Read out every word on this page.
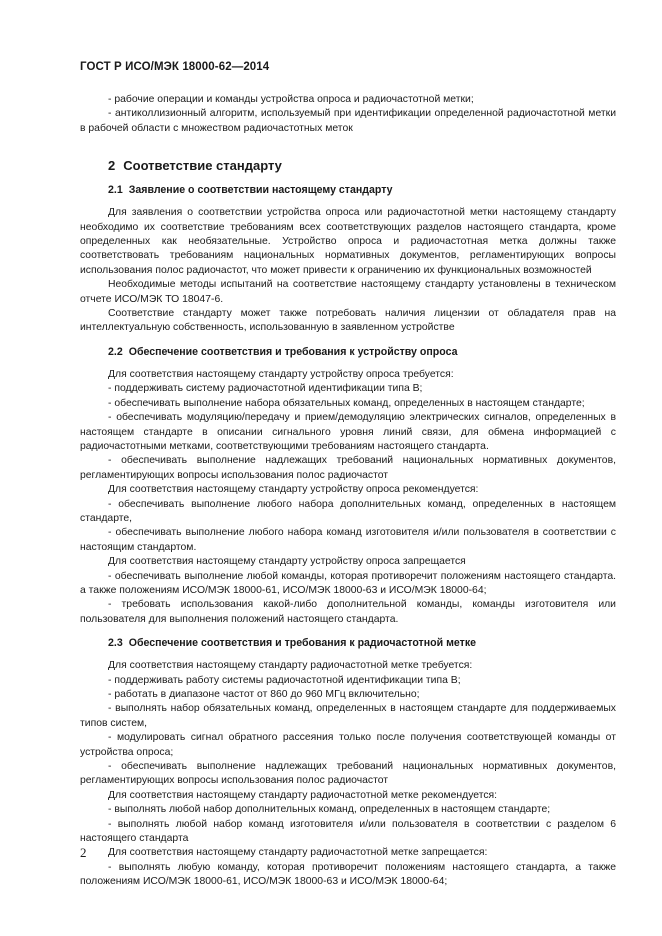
ГОСТ Р ИСО/МЭК 18000-62—2014

- рабочие операции и команды устройства опроса и радиочастотной метки;

- антиколлизионный алгоритм, используемый при идентификации определенной радиочастотной метки в рабочей области с множеством радиочастотных меток

2 Соответствие стандарту
2.1 Заявление о соответствии настоящему стандарту

Для заявления о соответствии устройства опроса или радиочастотной метки настоящему стандарту необходимо их соответствие требованиям всех соответствующих разделов настоящего стандарта, кроме определенных как необязательные. Устройство опроса и радиочастотная метка должны также соответствовать требованиям национальных нормативных документов, регламентирующих вопросы использования полос радиочастот, что может привести к ограничению их функциональных возможностей

Необходимые методы испытаний на соответствие настоящему стандарту установлены в техническом отчете ИСО/МЭК ТО 18047-6.

Соответствие стандарту может также потребовать наличия лицензии от обладателя прав на интеллектуальную собственность, использованную в заявленном устройстве

2.2 Обеспечение соответствия и требования к устройству опроса

Для соответствия настоящему стандарту устройству опроса требуется:

- поддерживать систему радиочастотной идентификации типа В;

- обеспечивать выполнение набора обязательных команд, определенных в настоящем стандарте;

- обеспечивать модуляцию/передачу и прием/демодуляцию электрических сигналов, определенных в настоящем стандарте в описании сигнального уровня линий связи, для обмена информацией с радиочастотными метками, соответствующими требованиям настоящего стандарта.

- обеспечивать выполнение надлежащих требований национальных нормативных документов, регламентирующих вопросы использования полос радиочастот

Для соответствия настоящему стандарту устройству опроса рекомендуется:

- обеспечивать выполнение любого набора дополнительных команд, определенных в настоящем стандарте,

- обеспечивать выполнение любого набора команд изготовителя и/или пользователя в соответствии с настоящим стандартом.

Для соответствия настоящему стандарту устройству опроса запрещается

- обеспечивать выполнение любой команды, которая противоречит положениям настоящего стандарта. а также положениям ИСО/МЭК 18000-61, ИСО/МЭК 18000-63 и ИСО/МЭК 18000-64;

- требовать использования какой-либо дополнительной команды, команды изготовителя или пользователя для выполнения положений настоящего стандарта.

2.3 Обеспечение соответствия и требования к радиочастотной метке

Для соответствия настоящему стандарту радиочастотной метке требуется:

- поддерживать работу системы радиочастотной идентификации типа В;

- работать в диапазоне частот от 860 до 960 МГц включительно;

- выполнять набор обязательных команд, определенных в настоящем стандарте для поддерживаемых типов систем,

- модулировать сигнал обратного рассеяния только после получения соответствующей команды от устройства опроса;

- обеспечивать выполнение надлежащих требований национальных нормативных документов, регламентирующих вопросы использования полос радиочастот

Для соответствия настоящему стандарту радиочастотной метке рекомендуется:

- выполнять любой набор дополнительных команд, определенных в настоящем стандарте;

- выполнять любой набор команд изготовителя и/или пользователя в соответствии с разделом 6 настоящего стандарта

Для соответствия настоящему стандарту радиочастотной метке запрещается:

- выполнять любую команду, которая противоречит положениям настоящего стандарта, а также положениям ИСО/МЭК 18000-61, ИСО/МЭК 18000-63 и ИСО/МЭК 18000-64;

2
